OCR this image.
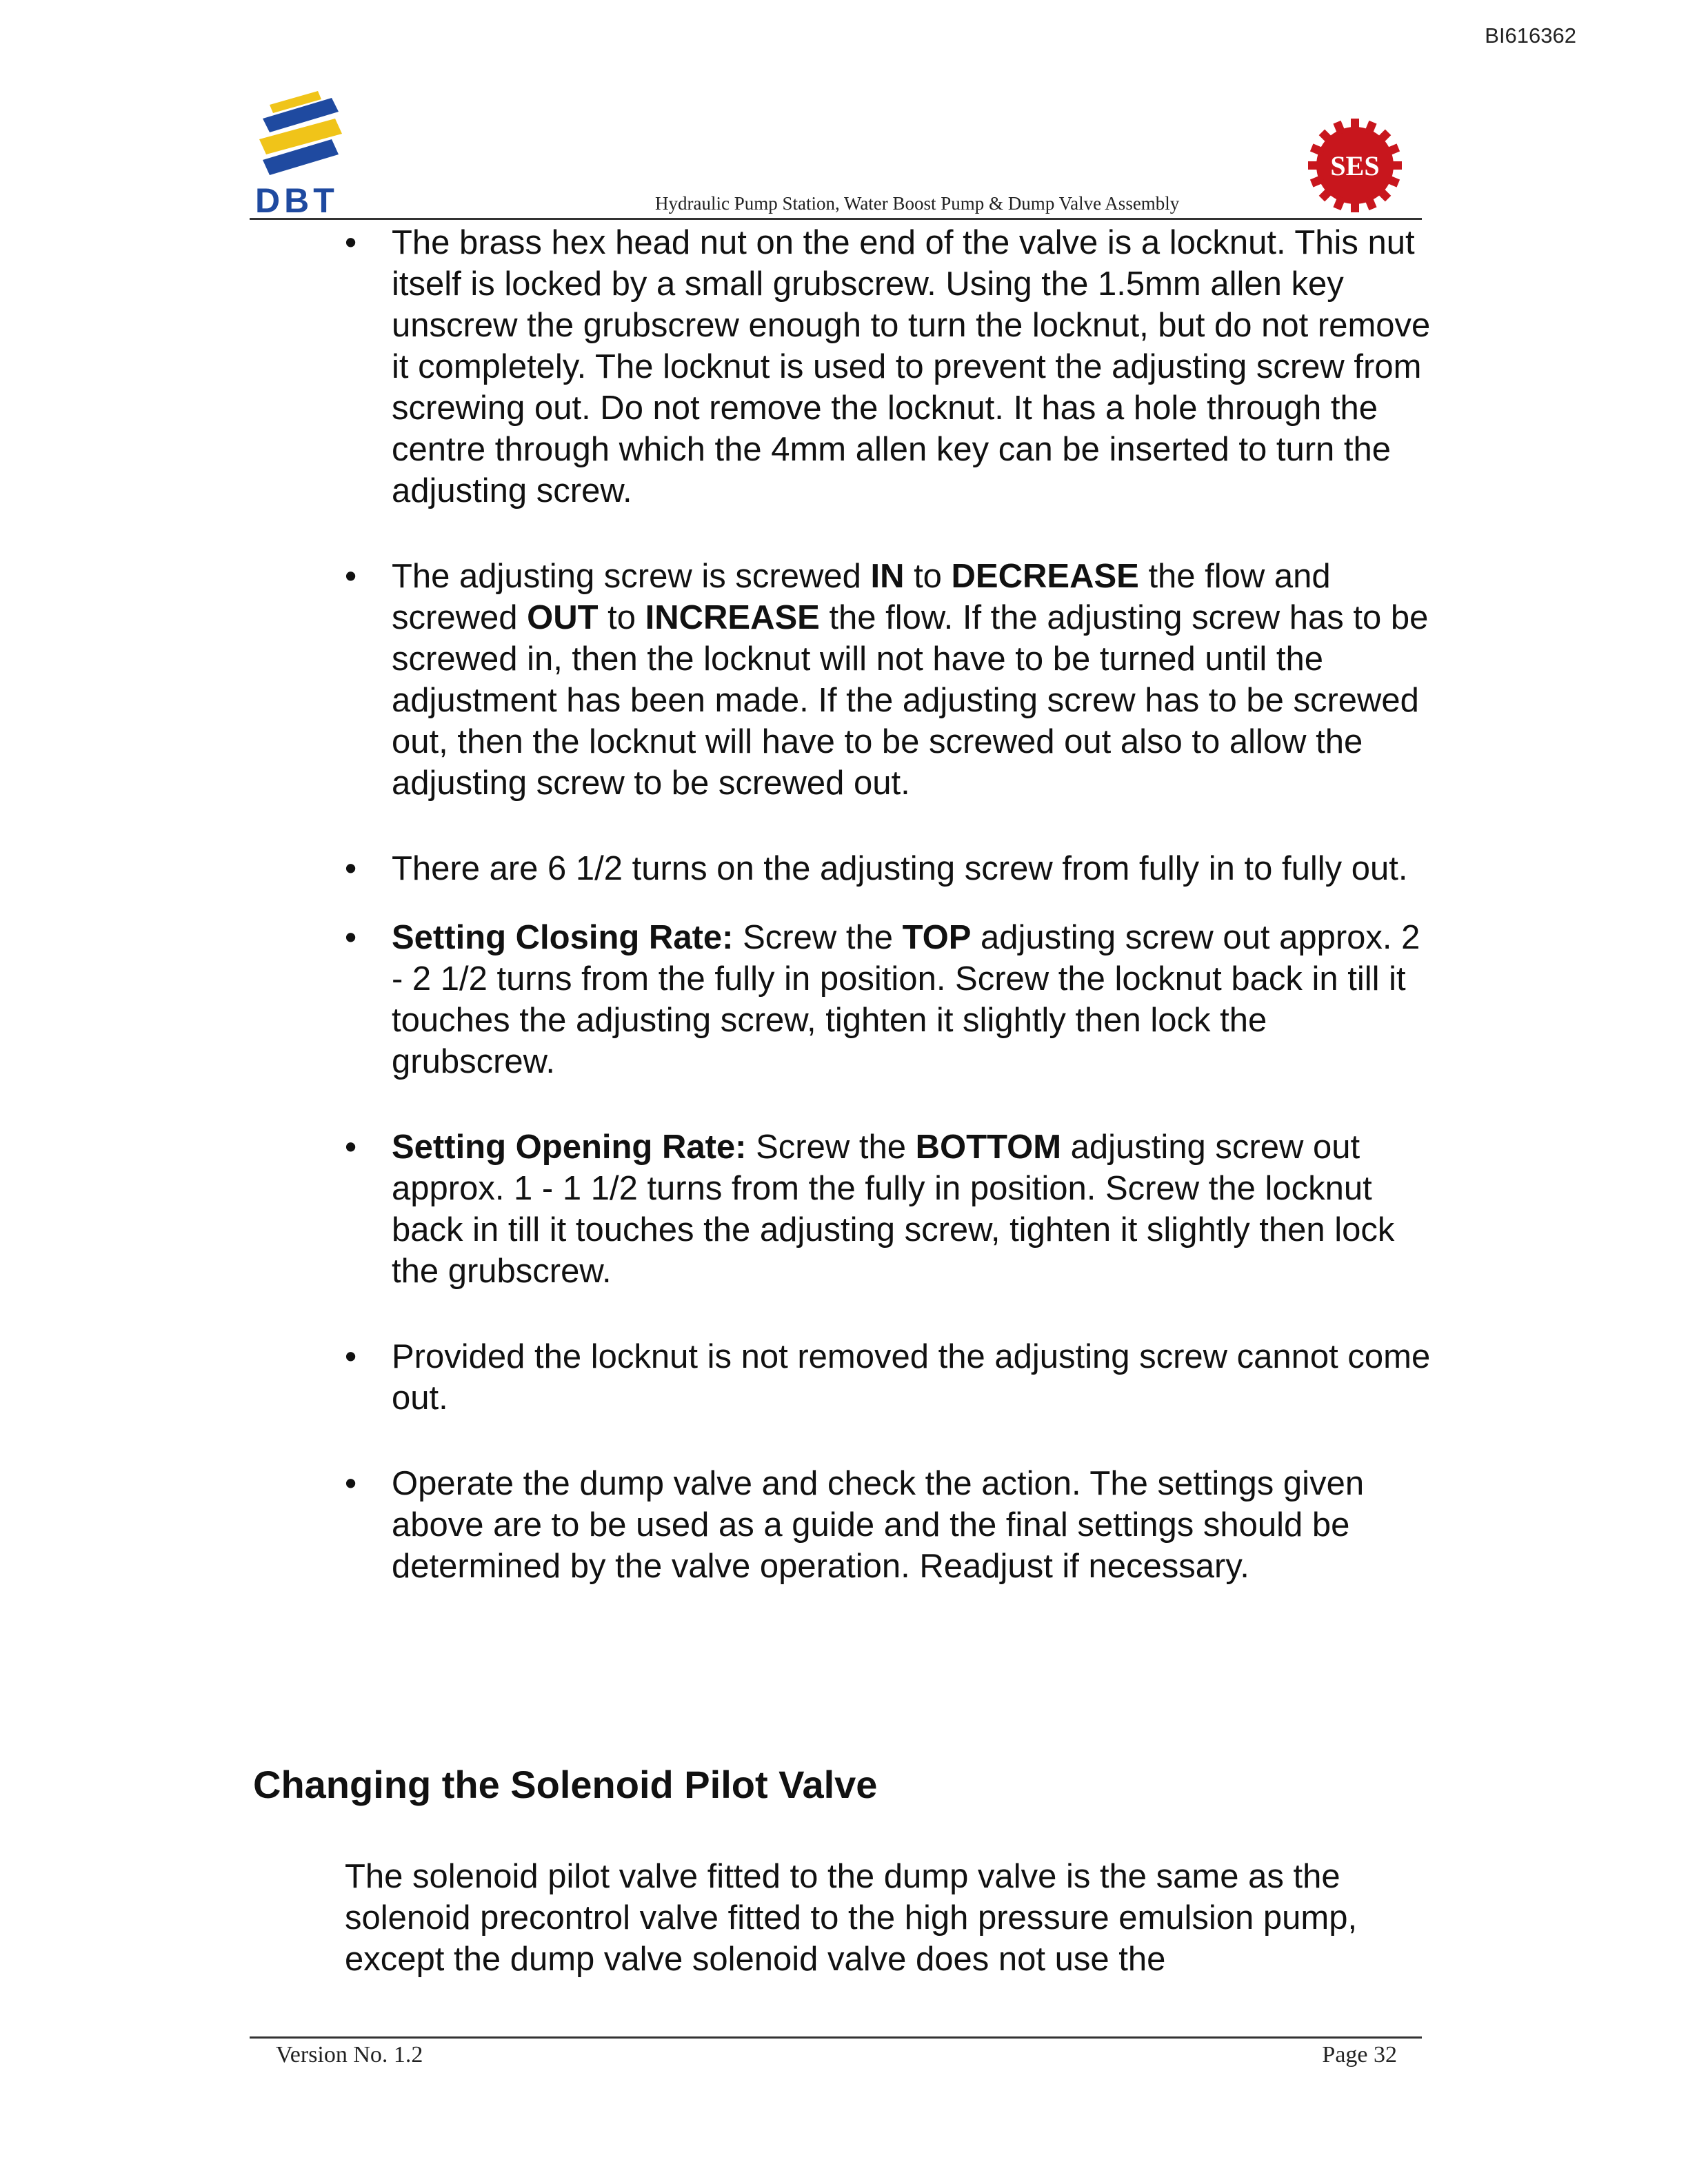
BI616362
DBT
SES
Hydraulic Pump Station, Water Boost Pump & Dump Valve Assembly
• The brass hex head nut on the end of the valve is a locknut. This nut itself is locked by a small grubscrew. Using the 1.5mm allen key unscrew the grubscrew enough to turn the locknut, but do not remove it completely. The locknut is used to prevent the adjusting screw from screwing out. Do not remove the locknut. It has a hole through the centre through which the 4mm allen key can be inserted to turn the adjusting screw.
• The adjusting screw is screwed IN to DECREASE the flow and screwed OUT to INCREASE the flow. If the adjusting screw has to be screwed in, then the locknut will not have to be turned until the adjustment has been made. If the adjusting screw has to be screwed out, then the locknut will have to be screwed out also to allow the adjusting screw to be screwed out.
• There are 6 1/2 turns on the adjusting screw from fully in to fully out.
• Setting Closing Rate: Screw the TOP adjusting screw out approx. 2 - 2 1/2 turns from the fully in position. Screw the locknut back in till it touches the adjusting screw, tighten it slightly then lock the grubscrew.
• Setting Opening Rate: Screw the BOTTOM adjusting screw out approx. 1 - 1 1/2 turns from the fully in position. Screw the locknut back in till it touches the adjusting screw, tighten it slightly then lock the grubscrew.
• Provided the locknut is not removed the adjusting screw cannot come out.
• Operate the dump valve and check the action. The settings given above are to be used as a guide and the final settings should be determined by the valve operation. Readjust if necessary.
Changing the Solenoid Pilot Valve

The solenoid pilot valve fitted to the dump valve is the same as the solenoid precontrol valve fitted to the high pressure emulsion pump, except the dump valve solenoid valve does not use the

Version No. 1.2	Page 32
